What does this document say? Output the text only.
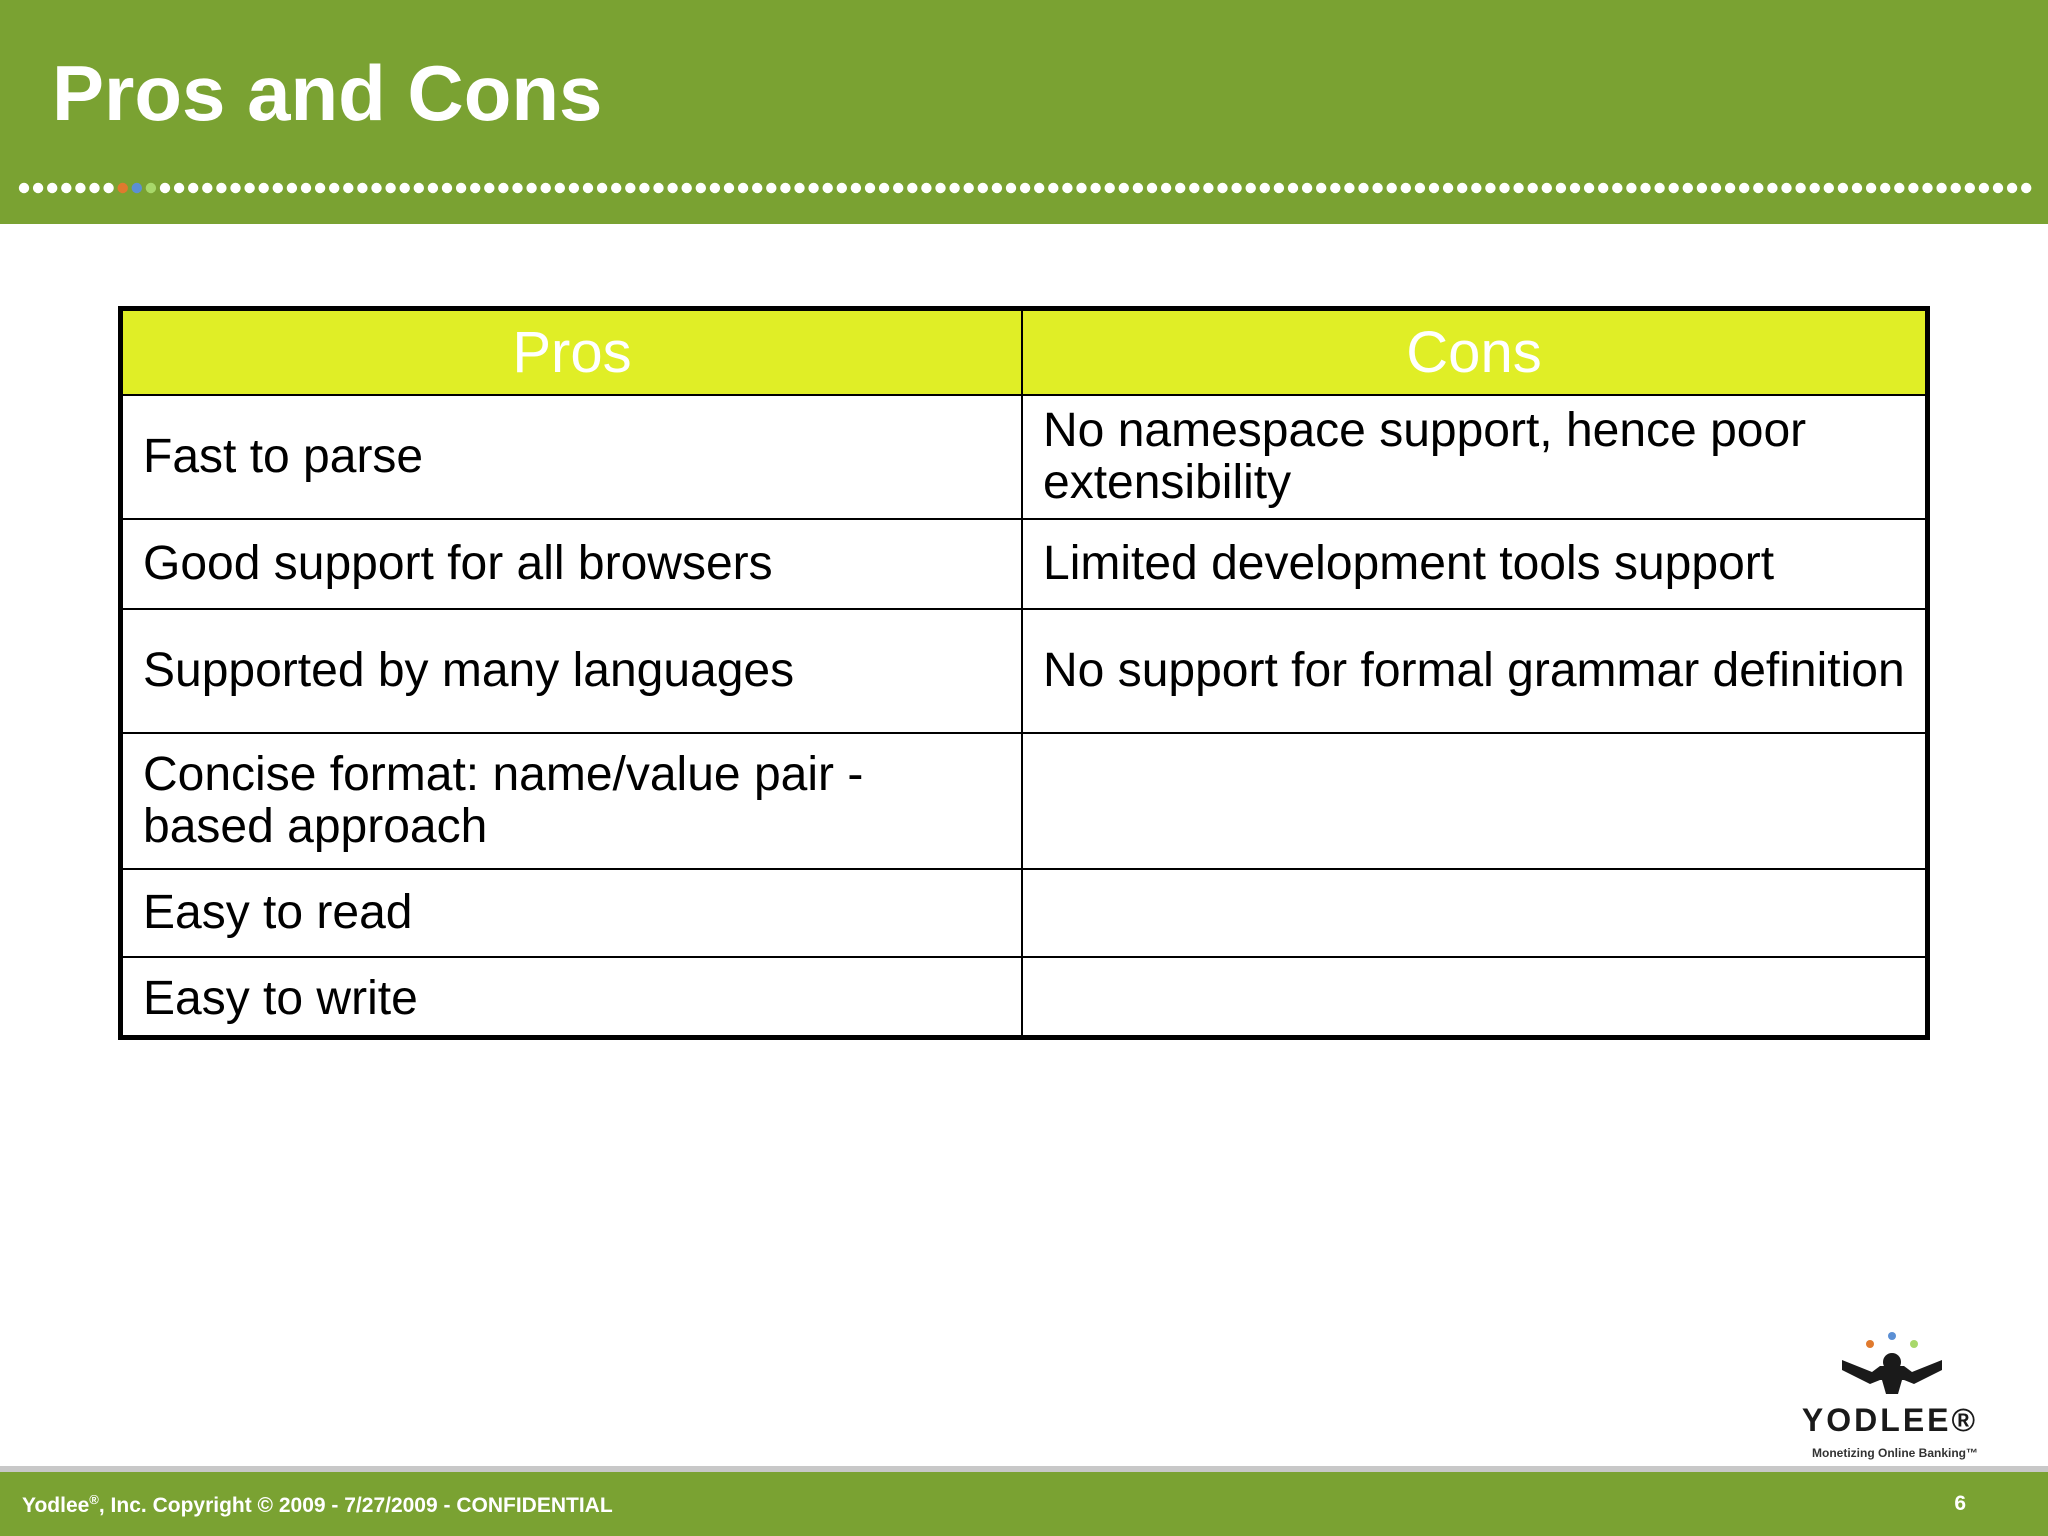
Pros and Cons
Pros	Cons
Fast to parse	No namespace support, hence poor extensibility
Good support for all browsers	Limited development tools support
Supported by many languages	No support for formal grammar definition
Concise format: name/value pair - based approach	
Easy to read	
Easy to write	
YODLEE®
Monetizing Online Banking™
Yodlee®, Inc. Copyright © 2009 - 7/27/2009 - CONFIDENTIAL	6
